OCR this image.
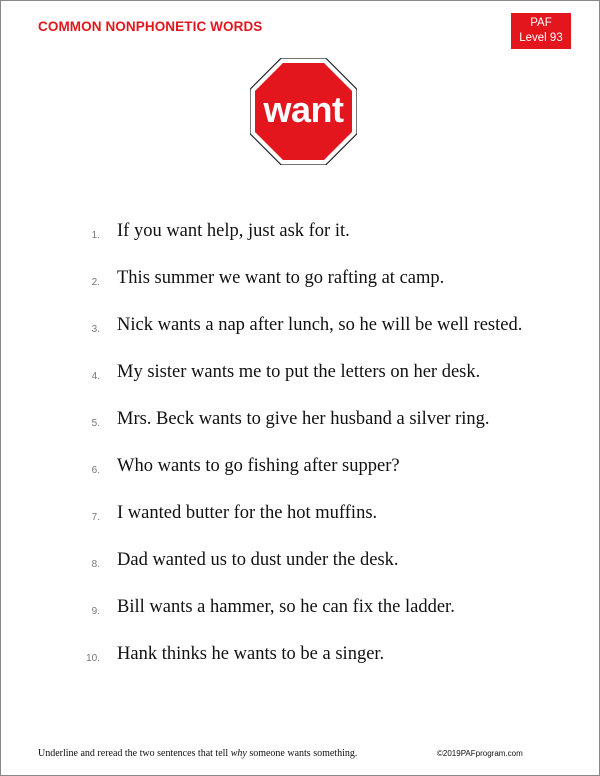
COMMON NONPHONETIC WORDS	PAF
Level 93
want
1. If you want help, just ask for it.
2. This summer we want to go rafting at camp.
3. Nick wants a nap after lunch, so he will be well rested.
4. My sister wants me to put the letters on her desk.
5. Mrs. Beck wants to give her husband a silver ring.
6. Who wants to go fishing after supper?
7. I wanted butter for the hot muffins.
8. Dad wanted us to dust under the desk.
9. Bill wants a hammer, so he can fix the ladder.
10. Hank thinks he wants to be a singer.
Underline and reread the two sentences that tell why someone wants something.	©2019PAFprogram.com
